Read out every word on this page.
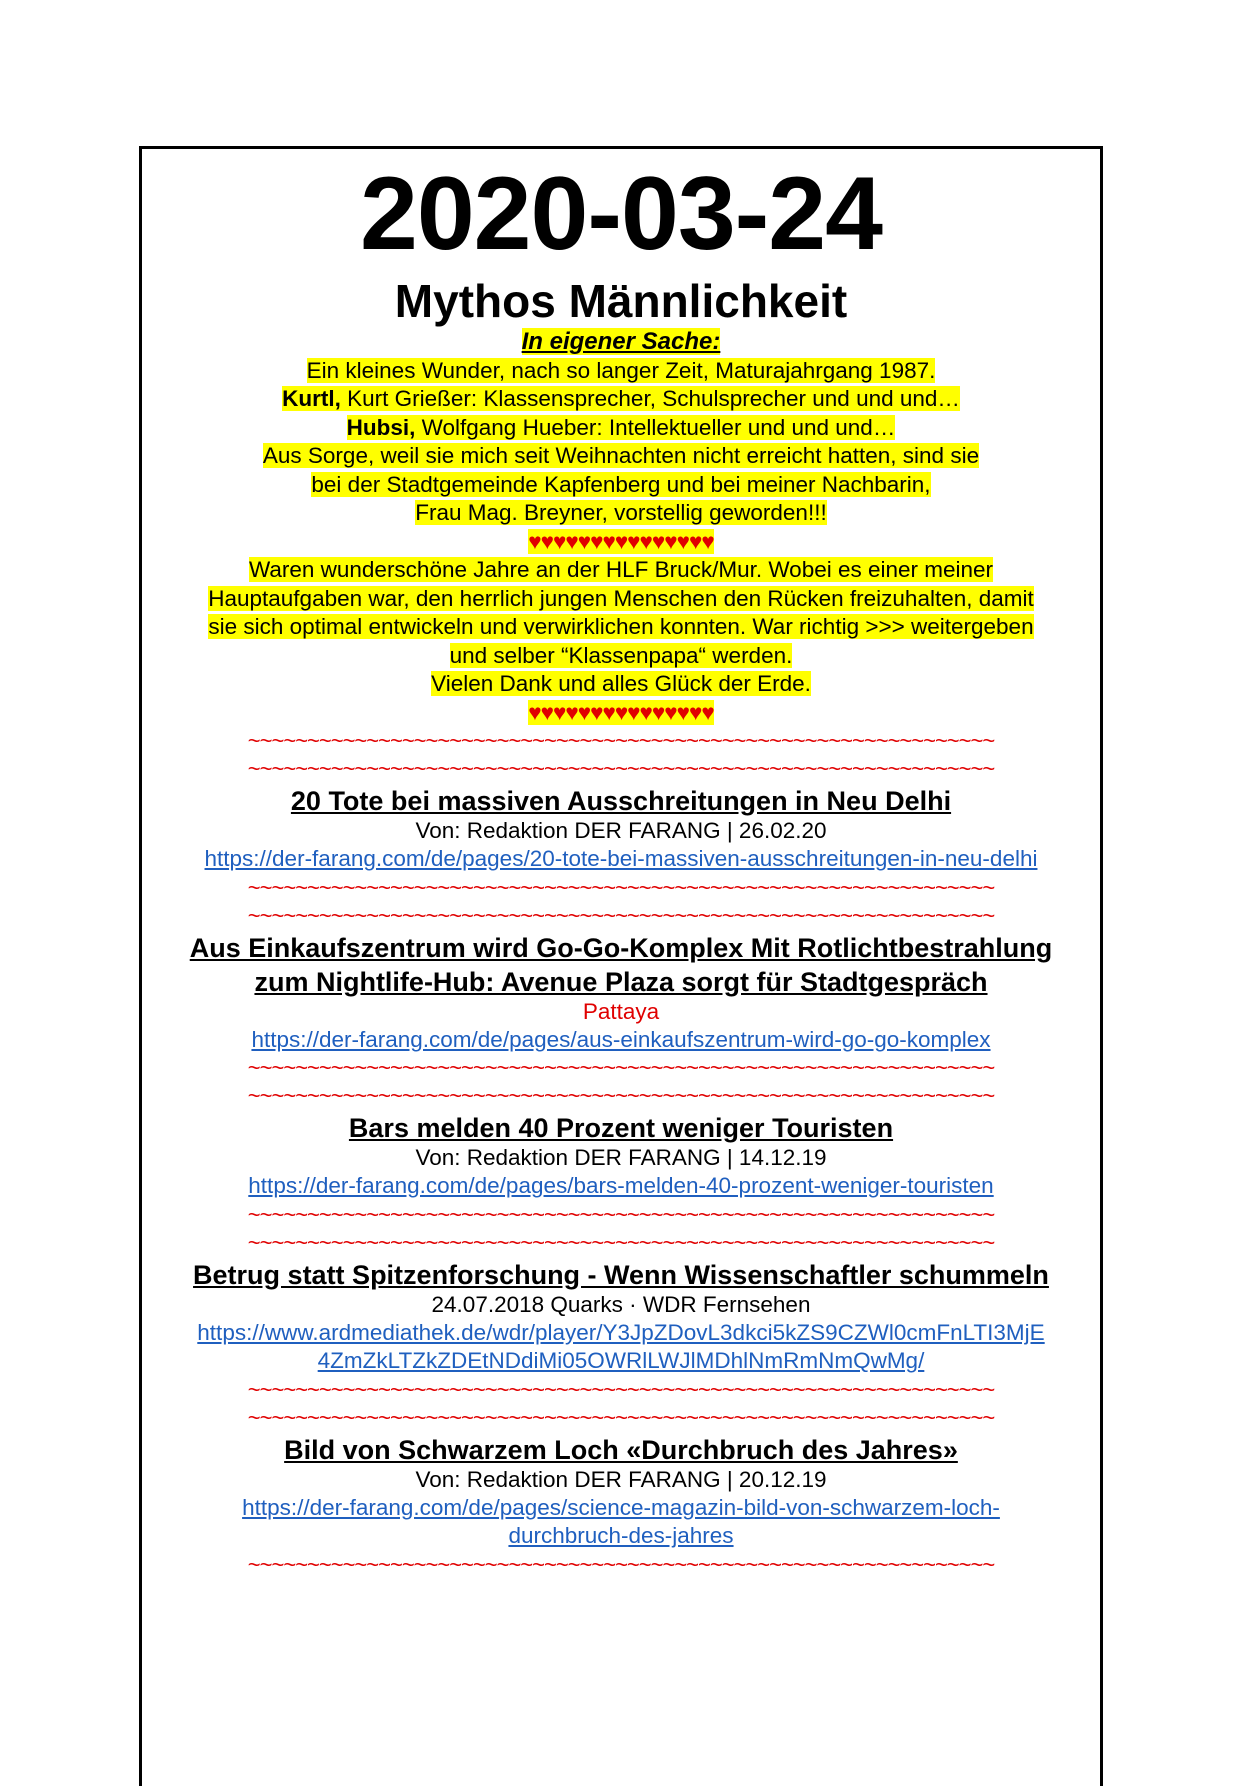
2020-03-24
Mythos Männlichkeit
In eigener Sache:
Ein kleines Wunder, nach so langer Zeit, Maturajahrgang 1987.
Kurtl, Kurt Grießer: Klassensprecher, Schulsprecher und und und…
Hubsi, Wolfgang Hueber: Intellektueller und und und…
Aus Sorge, weil sie mich seit Weihnachten nicht erreicht hatten, sind sie
bei der Stadtgemeinde Kapfenberg und bei meiner Nachbarin,
Frau Mag. Breyner, vorstellig geworden!!!
♥♥♥♥♥♥♥♥♥♥♥♥♥♥♥
Waren wunderschöne Jahre an der HLF Bruck/Mur. Wobei es einer meiner
Hauptaufgaben war, den herrlich jungen Menschen den Rücken freizuhalten, damit
sie sich optimal entwickeln und verwirklichen konnten. War richtig >>> weitergeben
und selber “Klassenpapa“ werden.
Vielen Dank und alles Glück der Erde.
♥♥♥♥♥♥♥♥♥♥♥♥♥♥♥
~~~~~~~~~~~~~~~~~~~~~~~~~~~~~~~~~~~~~~~~~~~~~~~~~~~~~~~~~~~~~~~
~~~~~~~~~~~~~~~~~~~~~~~~~~~~~~~~~~~~~~~~~~~~~~~~~~~~~~~~~~~~~~~
20 Tote bei massiven Ausschreitungen in Neu Delhi
Von: Redaktion DER FARANG | 26.02.20
https://der-farang.com/de/pages/20-tote-bei-massiven-ausschreitungen-in-neu-delhi
~~~~~~~~~~~~~~~~~~~~~~~~~~~~~~~~~~~~~~~~~~~~~~~~~~~~~~~~~~~~~~~
~~~~~~~~~~~~~~~~~~~~~~~~~~~~~~~~~~~~~~~~~~~~~~~~~~~~~~~~~~~~~~~
Aus Einkaufszentrum wird Go-Go-Komplex Mit Rotlichtbestrahlung
zum Nightlife-Hub: Avenue Plaza sorgt für Stadtgespräch
Pattaya
https://der-farang.com/de/pages/aus-einkaufszentrum-wird-go-go-komplex
~~~~~~~~~~~~~~~~~~~~~~~~~~~~~~~~~~~~~~~~~~~~~~~~~~~~~~~~~~~~~~~
~~~~~~~~~~~~~~~~~~~~~~~~~~~~~~~~~~~~~~~~~~~~~~~~~~~~~~~~~~~~~~~
Bars melden 40 Prozent weniger Touristen
Von: Redaktion DER FARANG | 14.12.19
https://der-farang.com/de/pages/bars-melden-40-prozent-weniger-touristen
~~~~~~~~~~~~~~~~~~~~~~~~~~~~~~~~~~~~~~~~~~~~~~~~~~~~~~~~~~~~~~~
~~~~~~~~~~~~~~~~~~~~~~~~~~~~~~~~~~~~~~~~~~~~~~~~~~~~~~~~~~~~~~~
Betrug statt Spitzenforschung - Wenn Wissenschaftler schummeln
24.07.2018 Quarks · WDR Fernsehen
https://www.ardmediathek.de/wdr/player/Y3JpZDovL3dkci5kZS9CZWl0cmFnLTI3MjE
4ZmZkLTZkZDEtNDdiMi05OWRlLWJlMDhlNmRmNmQwMg/
~~~~~~~~~~~~~~~~~~~~~~~~~~~~~~~~~~~~~~~~~~~~~~~~~~~~~~~~~~~~~~~
~~~~~~~~~~~~~~~~~~~~~~~~~~~~~~~~~~~~~~~~~~~~~~~~~~~~~~~~~~~~~~~
Bild von Schwarzem Loch «Durchbruch des Jahres»
Von: Redaktion DER FARANG | 20.12.19
https://der-farang.com/de/pages/science-magazin-bild-von-schwarzem-loch-
durchbruch-des-jahres
~~~~~~~~~~~~~~~~~~~~~~~~~~~~~~~~~~~~~~~~~~~~~~~~~~~~~~~~~~~~~~~
